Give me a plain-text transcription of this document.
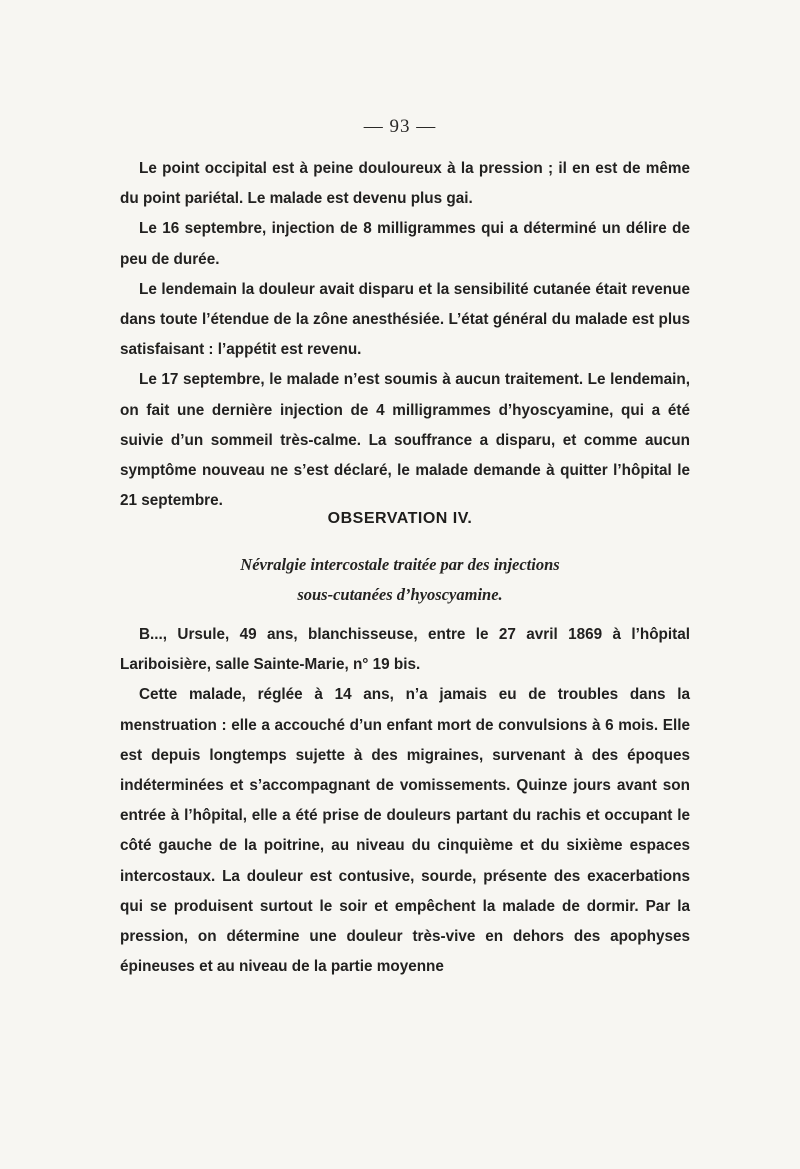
— 93 —

Le point occipital est à peine douloureux à la pression ; il en est de même du point pariétal. Le malade est devenu plus gai.

Le 16 septembre, injection de 8 milligrammes qui a déterminé un délire de peu de durée.

Le lendemain la douleur avait disparu et la sensibilité cutanée était revenue dans toute l’étendue de la zône anesthésiée. L’état général du malade est plus satisfaisant : l’appétit est revenu.

Le 17 septembre, le malade n’est soumis à aucun traitement. Le lendemain, on fait une dernière injection de 4 milligrammes d’hyoscyamine, qui a été suivie d’un sommeil très-calme. La souffrance a disparu, et comme aucun symptôme nouveau ne s’est déclaré, le malade demande à quitter l’hôpital le 21 septembre.

OBSERVATION IV.
Névralgie intercostale traitée par des injections
sous-cutanées d’hyoscyamine.

B..., Ursule, 49 ans, blanchisseuse, entre le 27 avril 1869 à l’hôpital Lariboisière, salle Sainte-Marie, n° 19 bis.

Cette malade, réglée à 14 ans, n’a jamais eu de troubles dans la menstruation : elle a accouché d’un enfant mort de convulsions à 6 mois. Elle est depuis longtemps sujette à des migraines, survenant à des époques indéterminées et s’accompagnant de vomissements. Quinze jours avant son entrée à l’hôpital, elle a été prise de douleurs partant du rachis et occupant le côté gauche de la poitrine, au niveau du cinquième et du sixième espaces intercostaux. La douleur est contusive, sourde, présente des exacerbations qui se produisent surtout le soir et empêchent la malade de dormir. Par la pression, on détermine une douleur très-vive en dehors des apophyses épineuses et au niveau de la partie moyenne
